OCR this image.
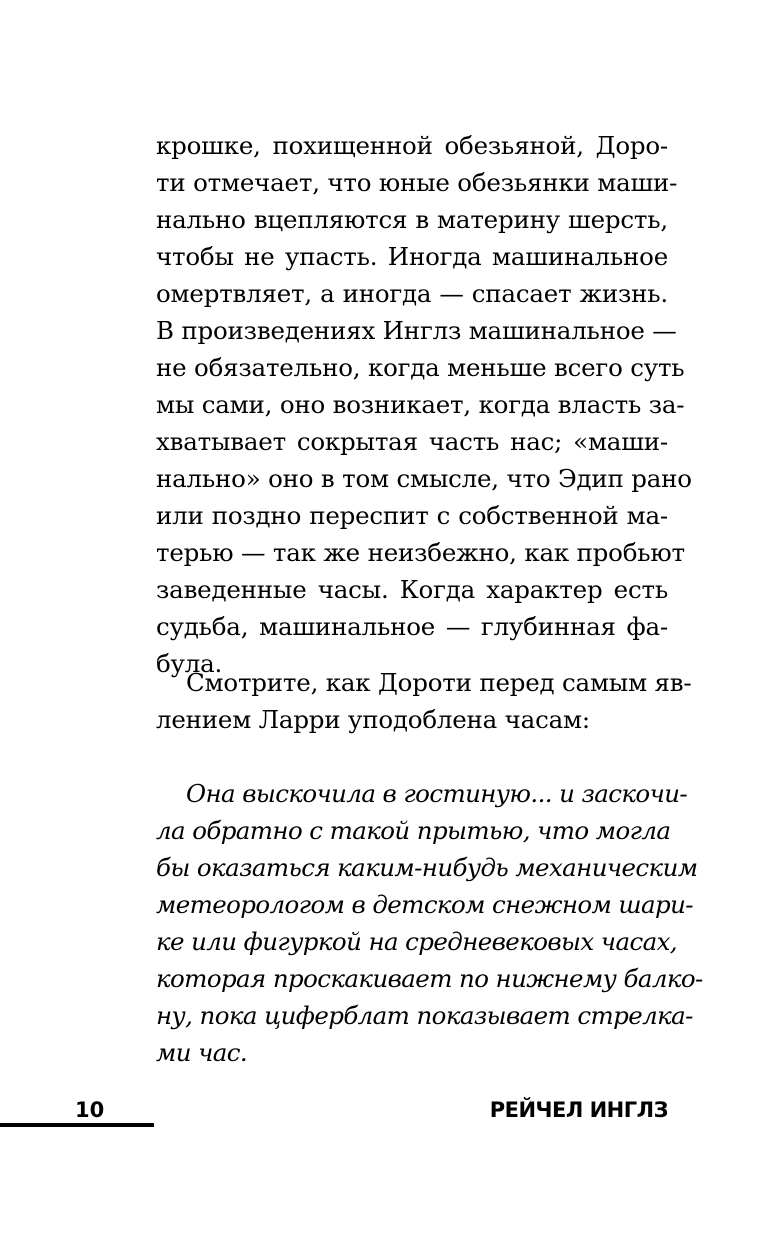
крошке, похищенной обезьяной, Доро-
ти отмечает, что юные обезьянки маши-
нально вцепляются в материну шерсть,
чтобы не упасть. Иногда машинальное
омертвляет, а иногда — спасает жизнь.
В произведениях Инглз машинальное —
не обязательно, когда меньше всего суть
мы сами, оно возникает, когда власть за-
хватывает сокрытая часть нас; «маши-
нально» оно в том смысле, что Эдип рано
или поздно переспит с собственной ма-
терью — так же неизбежно, как пробьют
заведенные часы. Когда характер есть
судьба, машинальное — глубинная фа-
була.
Смотрите, как Дороти перед самым яв-
лением Ларри уподоблена часам:
Она выскочила в гостиную... и заскочи-
ла обратно с такой прытью, что могла
бы оказаться каким-нибудь механическим
метеорологом в детском снежном шари-
ке или фигуркой на средневековых часах,
которая проскакивает по нижнему балко-
ну, пока циферблат показывает стрелка-
ми час.
10	РЕЙЧЕЛ ИНГЛЗ
